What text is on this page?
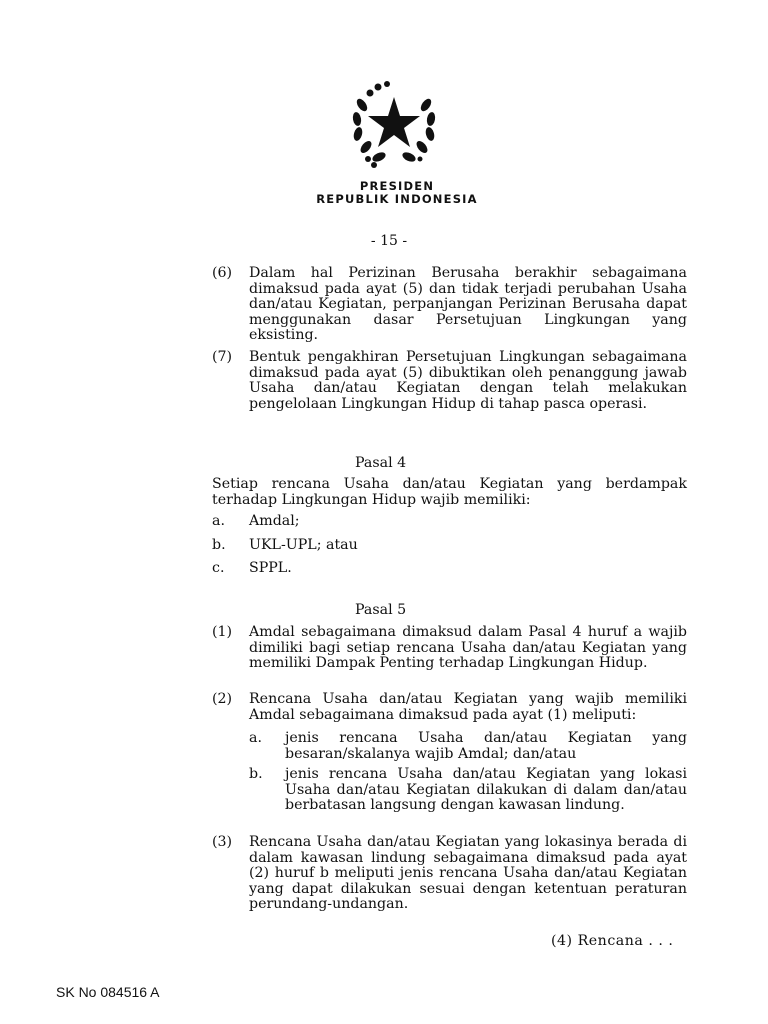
PRESIDEN
REPUBLIK INDONESIA
- 15 -
(6) Dalam hal Perizinan Berusaha berakhir sebagaimana dimaksud pada ayat (5) dan tidak terjadi perubahan Usaha dan/atau Kegiatan, perpanjangan Perizinan Berusaha dapat menggunakan dasar Persetujuan Lingkungan yang eksisting.
(7) Bentuk pengakhiran Persetujuan Lingkungan sebagaimana dimaksud pada ayat (5) dibuktikan oleh penanggung jawab Usaha dan/atau Kegiatan dengan telah melakukan pengelolaan Lingkungan Hidup di tahap pasca operasi.
Pasal 4
Setiap rencana Usaha dan/atau Kegiatan yang berdampak terhadap Lingkungan Hidup wajib memiliki:
a. Amdal;
b. UKL-UPL; atau
c. SPPL.
Pasal 5
(1) Amdal sebagaimana dimaksud dalam Pasal 4 huruf a wajib dimiliki bagi setiap rencana Usaha dan/atau Kegiatan yang memiliki Dampak Penting terhadap Lingkungan Hidup.
(2) Rencana Usaha dan/atau Kegiatan yang wajib memiliki Amdal sebagaimana dimaksud pada ayat (1) meliputi:
a. jenis rencana Usaha dan/atau Kegiatan yang besaran/skalanya wajib Amdal; dan/atau
b. jenis rencana Usaha dan/atau Kegiatan yang lokasi Usaha dan/atau Kegiatan dilakukan di dalam dan/atau berbatasan langsung dengan kawasan lindung.
(3) Rencana Usaha dan/atau Kegiatan yang lokasinya berada di dalam kawasan lindung sebagaimana dimaksud pada ayat (2) huruf b meliputi jenis rencana Usaha dan/atau Kegiatan yang dapat dilakukan sesuai dengan ketentuan peraturan perundang-undangan.
(4) Rencana . . .
SK No 084516 A
